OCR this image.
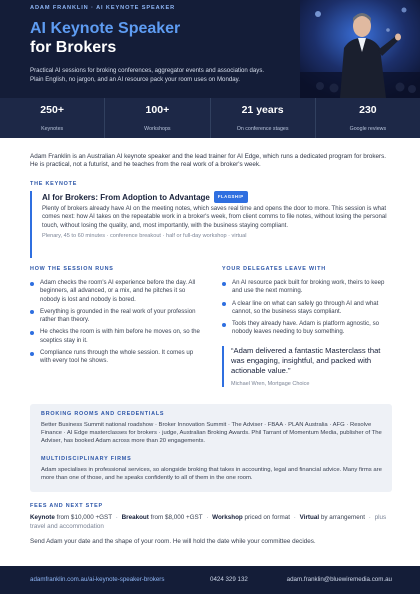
ADAM FRANKLIN · AI KEYNOTE SPEAKER
AI Keynote Speaker
for Brokers
Practical AI sessions for broking conferences, aggregator events and association days. Plain English, no jargon, and an AI resource pack your room uses on Monday.
250+
Keynotes
100+
Workshops
21 years
On conference stages
230
Google reviews

Adam Franklin is an Australian AI keynote speaker and the lead trainer for AI Edge, which runs a dedicated program for brokers. He is practical, not a futurist, and he teaches from the real work of a broker's week.

THE KEYNOTE
AI for Brokers: From Adoption to Advantage FLAGSHIP
Plenty of brokers already have AI on the meeting notes, which saves real time and opens the door to more. This session is what comes next: how AI takes on the repeatable work in a broker's week, from client comms to file notes, without losing the personal touch, without losing the quality, and, most importantly, with the business staying compliant.
Plenary, 45 to 60 minutes · conference breakout · half or full-day workshop · virtual
HOW THE SESSION RUNS
Adam checks the room's AI experience before the day. All beginners, all advanced, or a mix, and he pitches it so nobody is lost and nobody is bored.
Everything is grounded in the real work of your profession rather than theory.
He checks the room is with him before he moves on, so the sceptics stay in it.
Compliance runs through the whole session. It comes up with every tool he shows.
YOUR DELEGATES LEAVE WITH
An AI resource pack built for broking work, theirs to keep and use the next morning.
A clear line on what can safely go through AI and what cannot, so the business stays compliant.
Tools they already have. Adam is platform agnostic, so nobody leaves needing to buy something.
“Adam delivered a fantastic Masterclass that was engaging, insightful, and packed with actionable value.”
Michael Wren, Mortgage Choice
BROKING ROOMS AND CREDENTIALS
Better Business Summit national roadshow · Broker Innovation Summit · The Adviser · FBAA · PLAN Australia · AFG · Resolve Finance · AI Edge masterclasses for brokers · judge, Australian Broking Awards. Phil Tarrant of Momentum Media, publisher of The Adviser, has booked Adam across more than 20 engagements.
MULTIDISCIPLINARY FIRMS
Adam specialises in professional services, so alongside broking that takes in accounting, legal and financial advice. Many firms are more than one of those, and he speaks confidently to all of them in the one room.
FEES AND NEXT STEP
Keynote from $10,000 +GST · Breakout from $8,000 +GST · Workshop priced on format · Virtual by arrangement · plus travel and accommodation
Send Adam your date and the shape of your room. He will hold the date while your committee decides.
adamfranklin.com.au/ai-keynote-speaker-brokers	0424 329 132	adam.franklin@bluewiremedia.com.au
